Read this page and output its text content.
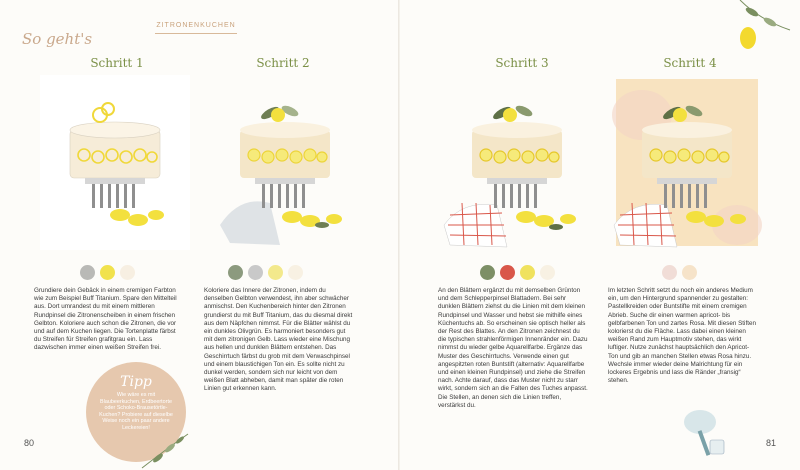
So geht's
ZITRONENKUCHEN
Schritt 1
Grundiere dein Gebäck in einem cremigen Farbton wie zum Beispiel Buff Titanium. Spare den Mittelteil aus. Dort umrandest du mit einem mittleren Rundpinsel die Zitronenscheiben in einem frischen Gelbton. Koloriere auch schon die Zitronen, die vor und auf dem Kuchen liegen. Die Tortenplatte färbst du Streifen für Streifen grafitgrau ein. Lass dazwischen immer einen weißen Streifen frei.
Schritt 2
Koloriere das Innere der Zitronen, indem du denselben Gelbton verwendest, ihn aber schwächer anmischst. Den Kuchenbereich hinter den Zitronen grundierst du mit Buff Titanium, das du diesmal direkt aus dem Näpfchen nimmst. Für die Blätter wählst du ein dunkles Olivgrün. Es harmoniert besonders gut mit dem zitronigen Gelb. Lass wieder eine Mischung aus hellen und dunklen Blättern entstehen. Das Geschirrtuch färbst du grob mit dem Verwaschpinsel und einem blaustichigen Ton ein. Es sollte nicht zu dunkel werden, sondern sich nur leicht von dem weißen Blatt abheben, damit man später die roten Linien gut erkennen kann.
Tipp
Wie wäre es mit Blaubeerkuchen, Erdbeertorte oder Schoko-Brausetörtle-Kuchen? Probiere auf dieselbe Weise noch ein paar andere Leckereien!
80
Schritt 3
An den Blättern ergänzt du mit demselben Grünton und dem Schlepperpinsel Blattadern. Bei sehr dunklen Blättern ziehst du die Linien mit dem kleinen Rundpinsel und Wasser und hebst sie mithilfe eines Küchentuchs ab. So erscheinen sie optisch heller als der Rest des Blattes. An den Zitronen zeichnest du die typischen strahlenförmigen Innenränder ein. Dazu nimmst du wieder gelbe Aquarellfarbe. Ergänze das Muster des Geschirrtuchs. Verwende einen gut angespitzten roten Buntstift (alternativ: Aquarellfarbe und einen kleinen Rundpinsel) und ziehe die Streifen nach. Achte darauf, dass das Muster nicht zu starr wirkt, sondern sich an die Falten des Tuches anpasst. Die Stellen, an denen sich die Linien treffen, verstärkst du.
Schritt 4
Im letzten Schritt setzt du noch ein anderes Medium ein, um den Hintergrund spannender zu gestalten: Pastellkreiden oder Buntstifte mit einem cremigen Abrieb. Suche dir einen warmen apricot- bis gelbfarbenen Ton und zartes Rosa. Mit diesen Stiften kolorierst du die Fläche. Lass dabei einen kleinen weißen Rand zum Hauptmotiv stehen, das wirkt luftiger. Nutze zunächst hauptsächlich den Apricot-Ton und gib an manchen Stellen etwas Rosa hinzu. Wechsle immer wieder deine Malrichtung für ein lockeres Ergebnis und lass die Ränder „fransig“ stehen.
81
